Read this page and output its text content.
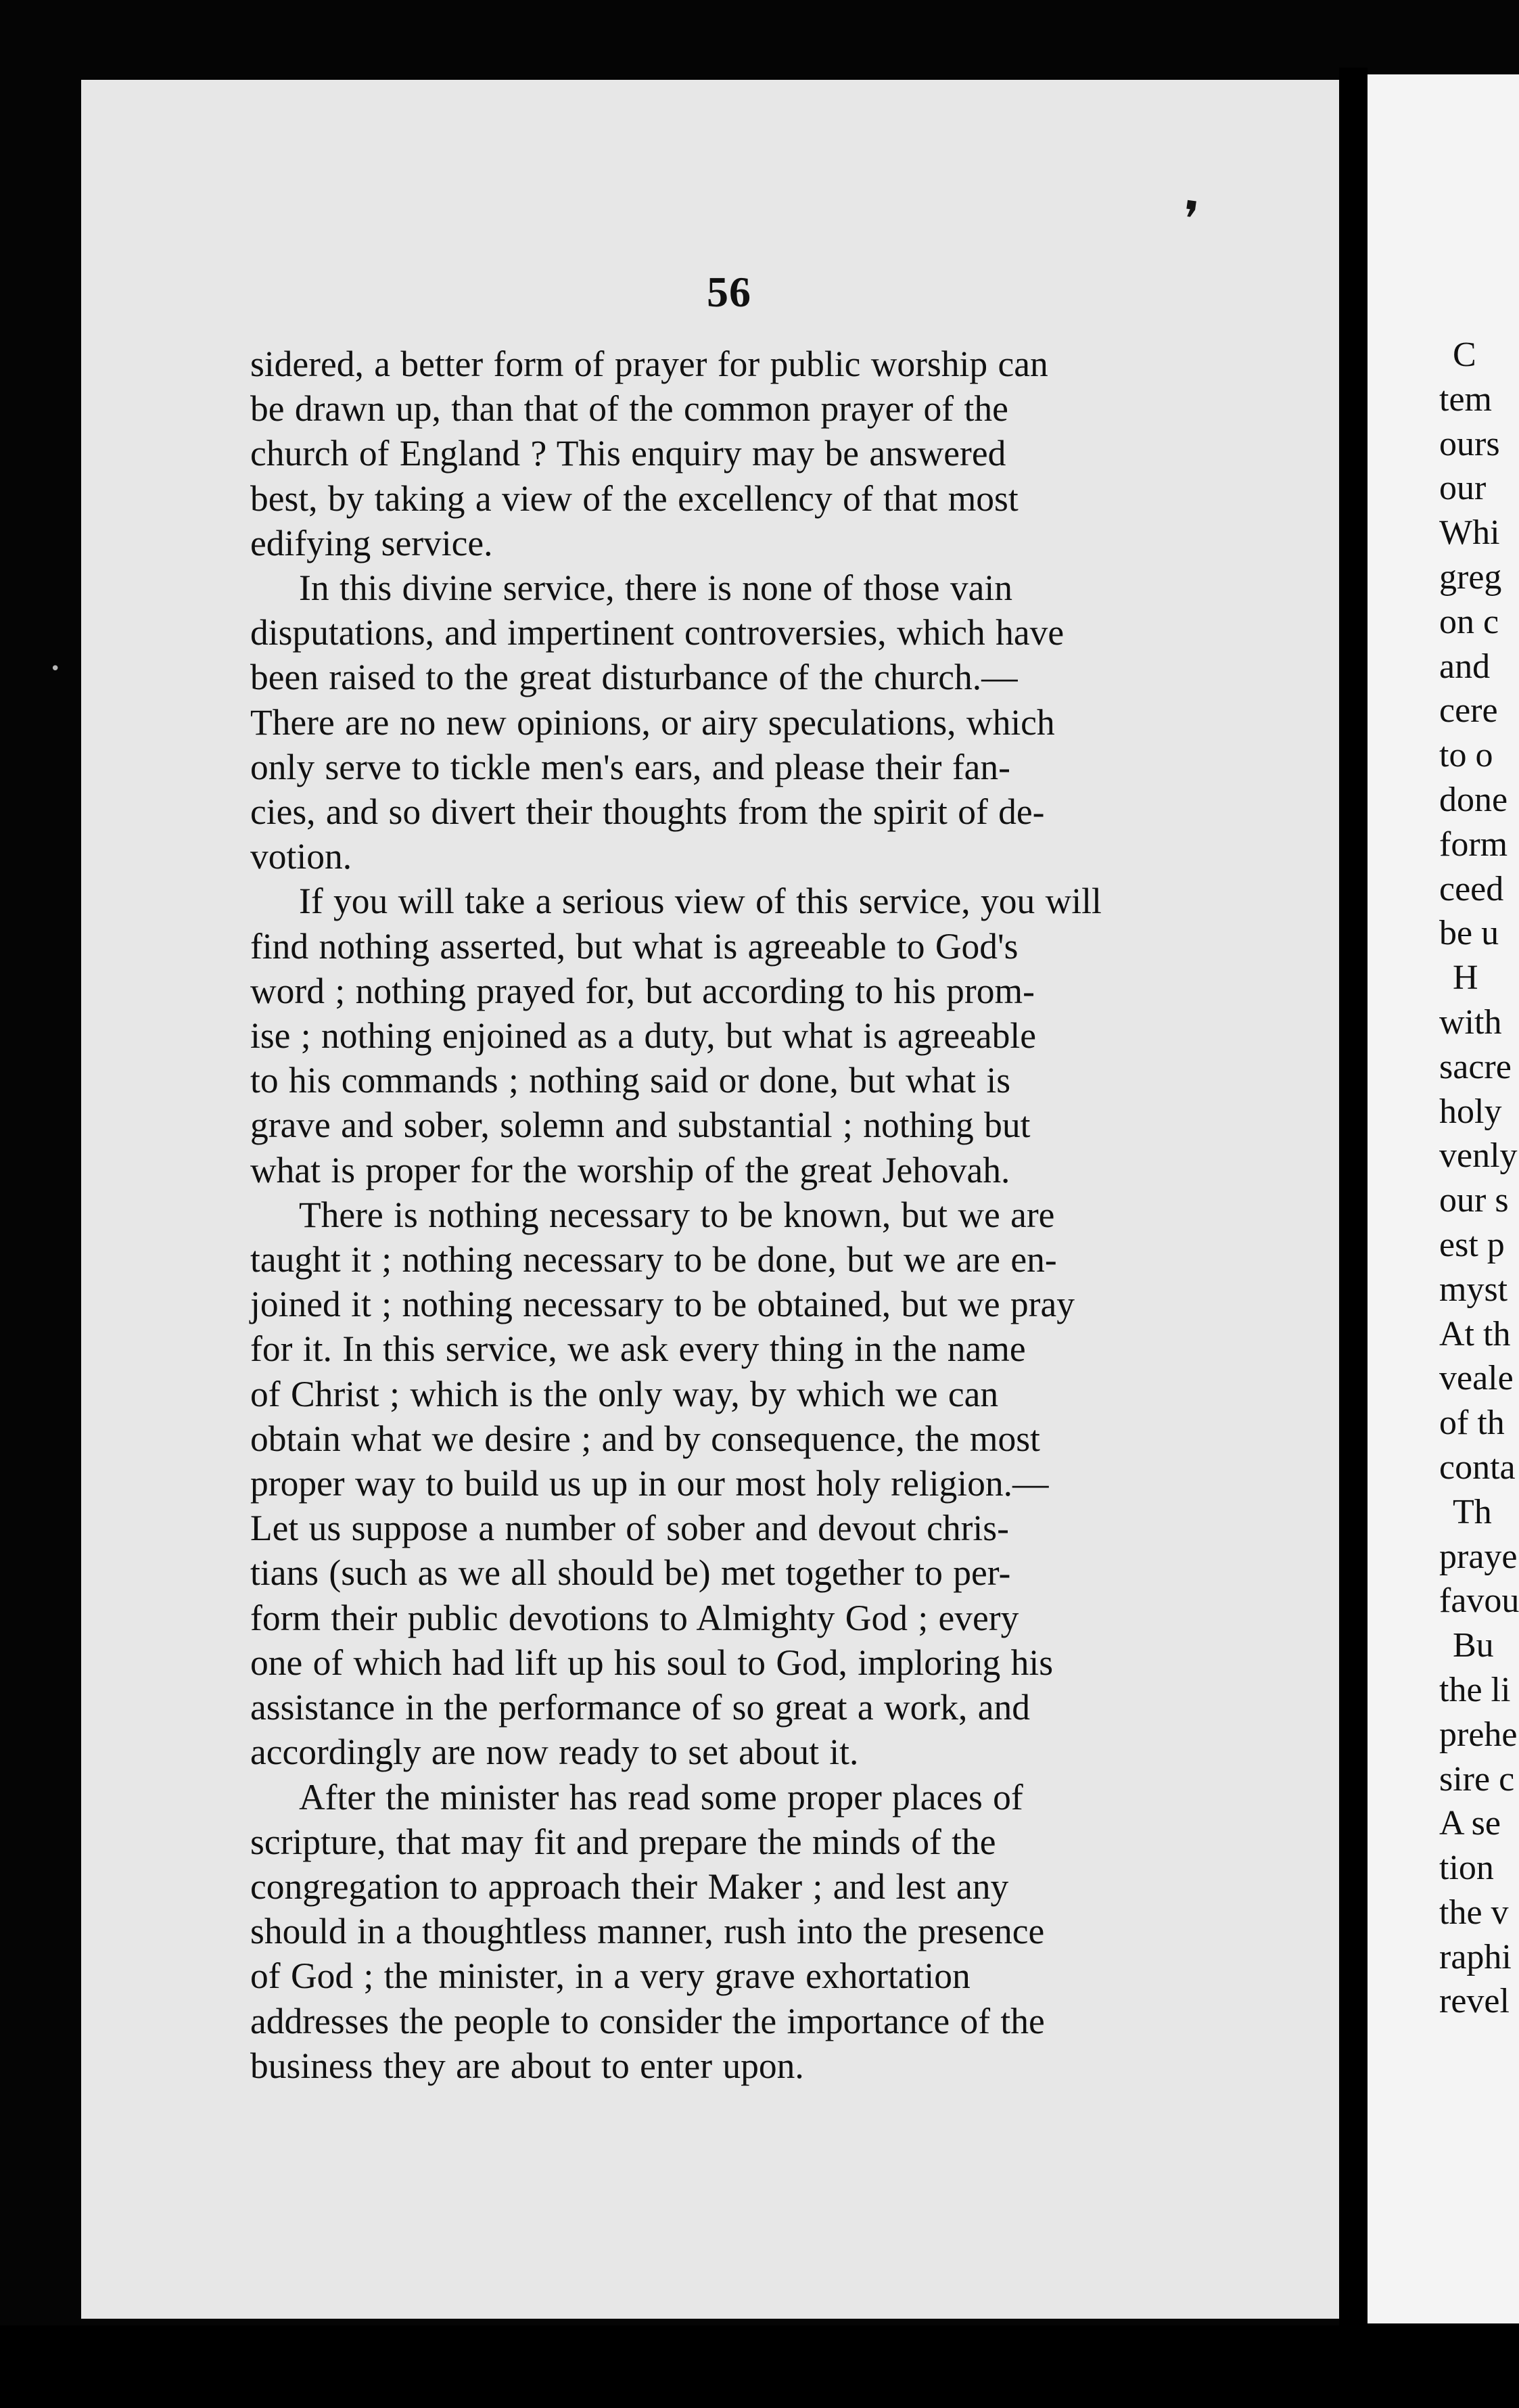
56
❜
•
sidered, a better form of prayer for public worship can
be drawn up, than that of the common prayer of the
church of England ? This enquiry may be answered
best, by taking a view of the excellency of that most
edifying service.
In this divine service, there is none of those vain
disputations, and impertinent controversies, which have
been raised to the great disturbance of the church.—
There are no new opinions, or airy speculations, which
only serve to tickle men's ears, and please their fan-
cies, and so divert their thoughts from the spirit of de-
votion.
If you will take a serious view of this service, you will
find nothing asserted, but what is agreeable to God's
word ; nothing prayed for, but according to his prom-
ise ; nothing enjoined as a duty, but what is agreeable
to his commands ; nothing said or done, but what is
grave and sober, solemn and substantial ; nothing but
what is proper for the worship of the great Jehovah.
There is nothing necessary to be known, but we are
taught it ; nothing necessary to be done, but we are en-
joined it ; nothing necessary to be obtained, but we pray
for it. In this service, we ask every thing in the name
of Christ ; which is the only way, by which we can
obtain what we desire ; and by consequence, the most
proper way to build us up in our most holy religion.—
Let us suppose a number of sober and devout chris-
tians (such as we all should be) met together to per-
form their public devotions to Almighty God ; every
one of which had lift up his soul to God, imploring his
assistance in the performance of so great a work, and
accordingly are now ready to set about it.
After the minister has read some proper places of
scripture, that may fit and prepare the minds of the
congregation to approach their Maker ; and lest any
should in a thoughtless manner, rush into the presence
of God ; the minister, in a very grave exhortation
addresses the people to consider the importance of the
business they are about to enter upon.
C
tem
ours
our
Whi
greg
on c
and
cere
to o
done
form
ceed
be u
H
with
sacre
holy
venly
our s
est p
myst
At th
veale
of th
conta
Th
praye
favou
Bu
the li
prehe
sire c
A se
tion
the v
raphi
revel
